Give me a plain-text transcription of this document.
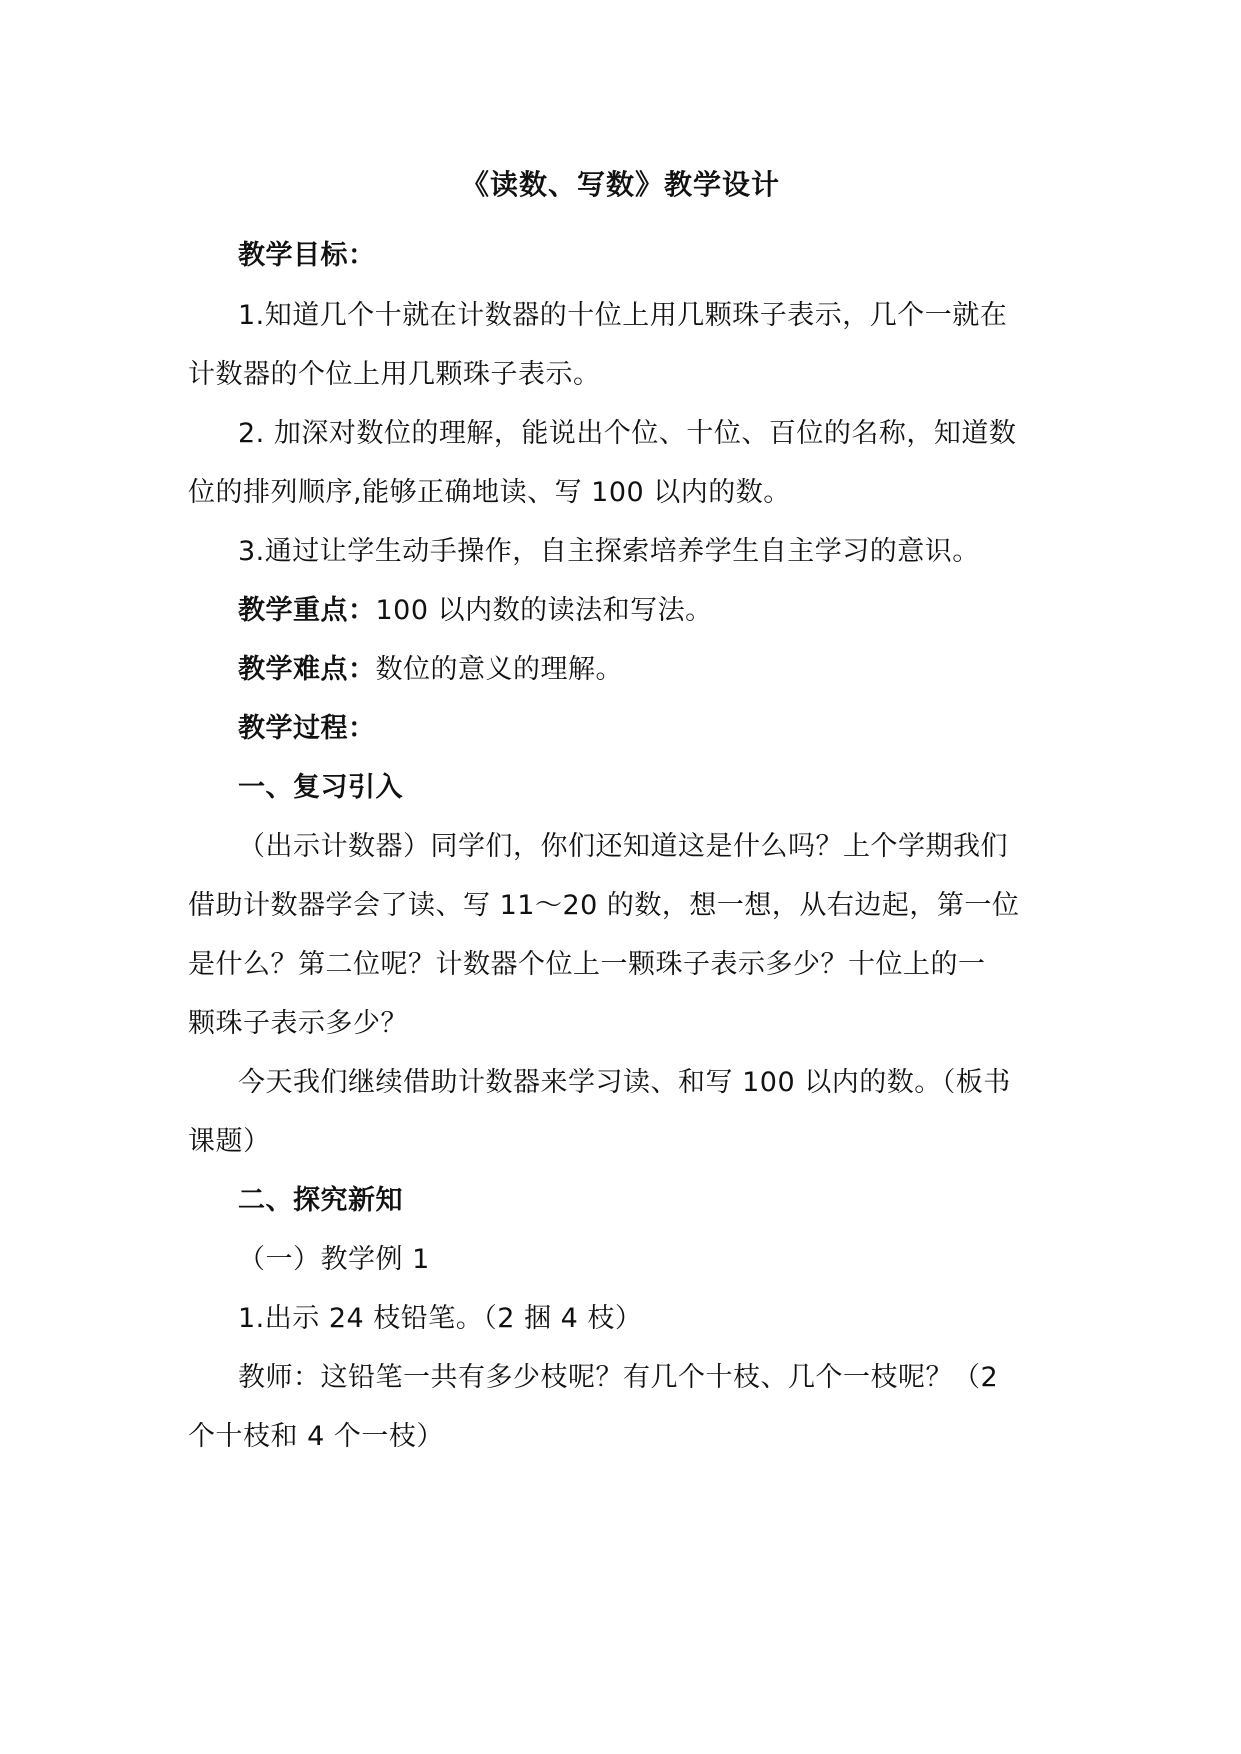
《读数、写数》教学设计
教学目标：
1.知道几个十就在计数器的十位上用几颗珠子表示，几个一就在
计数器的个位上用几颗珠子表示。
2. 加深对数位的理解，能说出个位、十位、百位的名称，知道数
位的排列顺序,能够正确地读、写 100 以内的数。
3.通过让学生动手操作，自主探索培养学生自主学习的意识。
教学重点：100 以内数的读法和写法。
教学难点：数位的意义的理解。
教学过程：
一、复习引入
（出示计数器）同学们，你们还知道这是什么吗？上个学期我们
借助计数器学会了读、写 11～20 的数，想一想，从右边起，第一位
是什么？第二位呢？计数器个位上一颗珠子表示多少？十位上的一
颗珠子表示多少？
今天我们继续借助计数器来学习读、和写 100 以内的数。（板书
课题）
二、探究新知
（一）教学例 1
1.出示 24 枝铅笔。（2 捆 4 枝）
教师：这铅笔一共有多少枝呢？有几个十枝、几个一枝呢？（2
个十枝和 4 个一枝）
